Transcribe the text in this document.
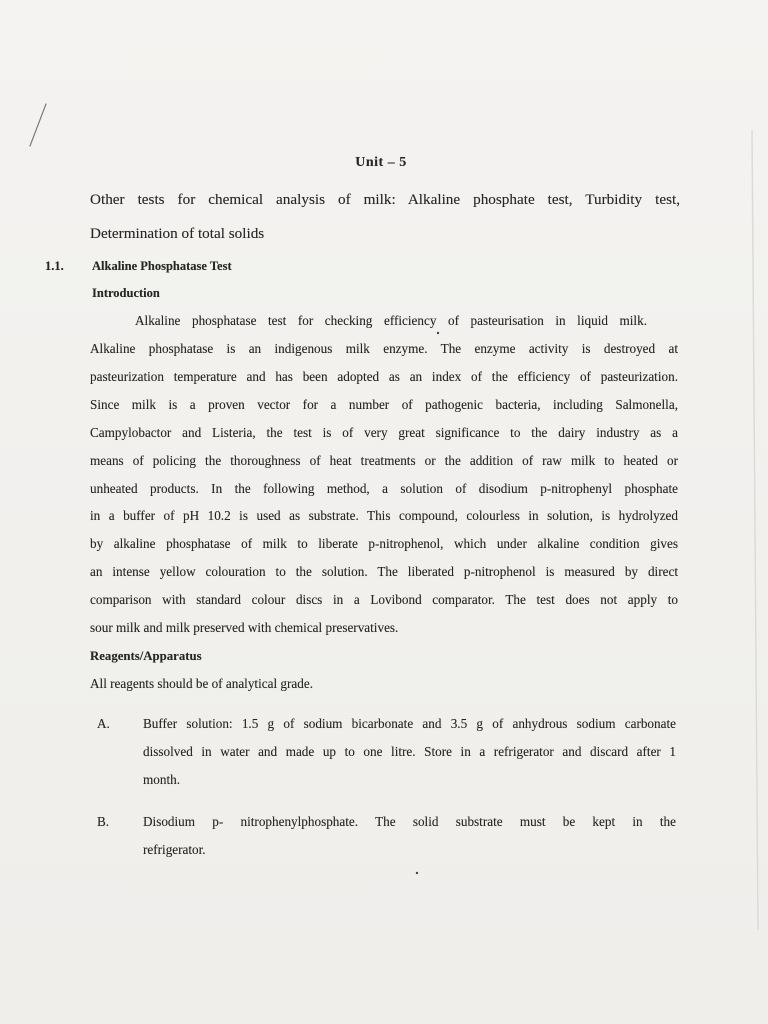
Unit – 5
Other tests for chemical analysis of milk: Alkaline phosphate test, Turbidity test,
Determination of total solids
1.1.	Alkaline Phosphatase Test
Introduction
Alkaline phosphatase test for checking efficiency of pasteurisation in liquid milk.
Alkaline phosphatase is an indigenous milk enzyme. The enzyme activity is destroyed at
pasteurization temperature and has been adopted as an index of the efficiency of pasteurization.
Since milk is a proven vector for a number of pathogenic bacteria, including Salmonella,
Campylobactor and Listeria, the test is of very great significance to the dairy industry as a
means of policing the thoroughness of heat treatments or the addition of raw milk to heated or
unheated products. In the following method, a solution of disodium p-nitrophenyl phosphate
in a buffer of pH 10.2 is used as substrate. This compound, colourless in solution, is hydrolyzed
by alkaline phosphatase of milk to liberate p-nitrophenol, which under alkaline condition gives
an intense yellow colouration to the solution. The liberated p-nitrophenol is measured by direct
comparison with standard colour discs in a Lovibond comparator. The test does not apply to
sour milk and milk preserved with chemical preservatives.
Reagents/Apparatus
All reagents should be of analytical grade.
A.	Buffer solution: 1.5 g of sodium bicarbonate and 3.5 g of anhydrous sodium carbonate
dissolved in water and made up to one litre. Store in a refrigerator and discard after 1
month.
B.	Disodium p- nitrophenylphosphate. The solid substrate must be kept in the
refrigerator.
